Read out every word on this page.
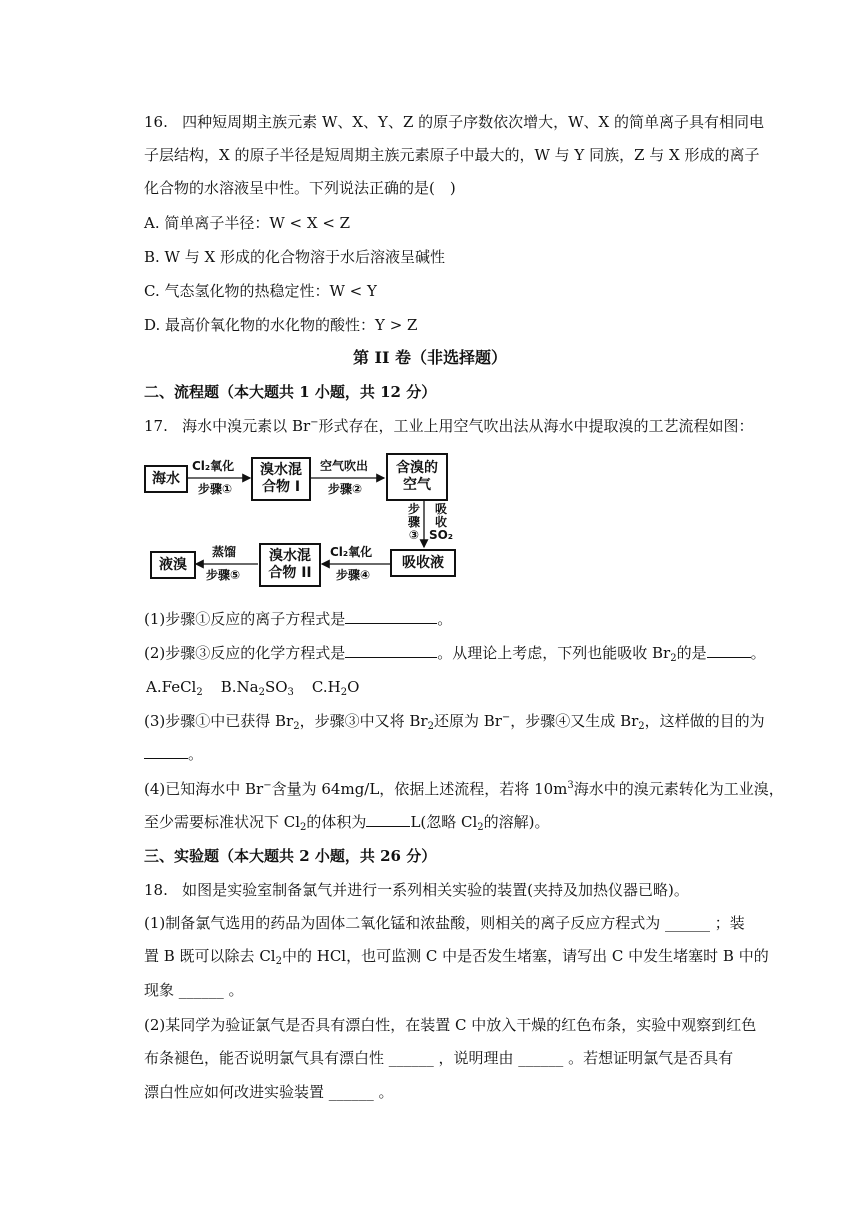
16. 四种短周期主族元素 W、X、Y、Z 的原子序数依次增大，W、X 的简单离子具有相同电
子层结构，X 的原子半径是短周期主族元素原子中最大的，W 与 Y 同族，Z 与 X 形成的离子
化合物的水溶液呈中性。下列说法正确的是(　)
A. 简单离子半径：W < X < Z
B. W 与 X 形成的化合物溶于水后溶液呈碱性
C. 气态氢化物的热稳定性：W < Y
D. 最高价氧化物的水化物的酸性：Y > Z
第 II 卷（非选择题）
二、流程题（本大题共 1 小题，共 12 分）
17. 海水中溴元素以 Br−形式存在，工业上用空气吹出法从海水中提取溴的工艺流程如图：
海水
溴水混
合物 I
含溴的
空气
吸收液
溴水混
合物 II
液溴
Cl₂氧化
步骤①
空气吹出
步骤②
步
骤
③
吸
收
SO₂
Cl₂氧化
步骤④
蒸馏
步骤⑤
(1)步骤①反应的离子方程式是	。
(2)步骤③反应的化学方程式是	。从理论上考虑，下列也能吸收 $Br_2$的是	。
A.FeCl$_2$ $B.Na_2SO_3$ $C.H_2O$
(3)步骤①中已获得 $Br_2$，步骤③中又将 $Br_2$还原为 Br−，步骤④又生成 $Br_2$，这样做的目的为
。
(4)已知海水中 Br−含量为 64mg/L，依据上述流程，若将 $10m^3$海水中的溴元素转化为工业溴，
至少需要标准状况下 $Cl_2$的体积为	L(忽略 $Cl_2$的溶解)。
三、实验题（本大题共 2 小题，共 26 分）
18. 如图是实验室制备氯气并进行一系列相关实验的装置(夹持及加热仪器已略)。
(1)制备氯气选用的药品为固体二氧化锰和浓盐酸，则相关的离子反应方程式为 ______ ；装
置 B 既可以除去 $Cl_2$中的 HCl，也可监测 C 中是否发生堵塞，请写出 C 中发生堵塞时 B 中的
现象 ______ 。
(2)某同学为验证氯气是否具有漂白性，在装置 C 中放入干燥的红色布条，实验中观察到红色
布条褪色，能否说明氯气具有漂白性 ______ ，说明理由 ______ 。若想证明氯气是否具有
漂白性应如何改进实验装置 ______ 。
